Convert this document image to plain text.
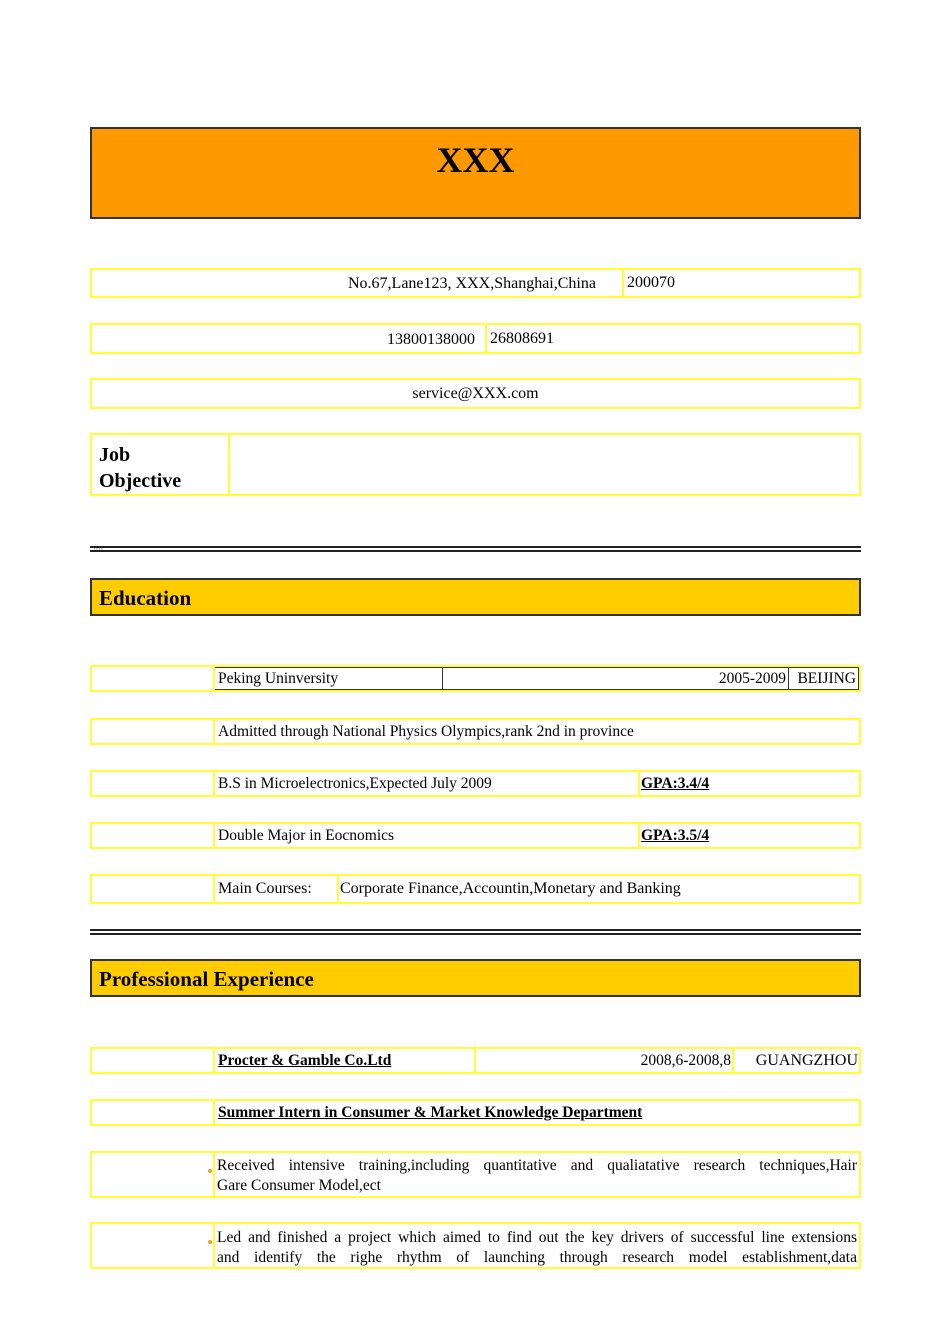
XXX
No.67,Lane123, XXX,Shanghai,China	200070
13800138000 26808691
service@XXX.com
Job
Objective
▪▪▪▪
Education
Peking Uninversity	2005-2009 BEIJING
Admitted through National Physics Olympics,rank 2nd in province
B.S in Microelectronics,Expected July 2009	GPA:3.4/4
Double Major in Eocnomics	GPA:3.5/4
Main Courses: Corporate Finance,Accountin,Monetary and Banking
Professional Experience
Procter & Gamble Co.Ltd	2008,6-2008,8 GUANGZHOU
Summer Intern in Consumer & Market Knowledge Department
Received intensive training,including quantitative and qualiatative research techniques,Hair
Gare Consumer Model,ect
Led and finished a project which aimed to find out the key drivers of successful line extensions
and identify the righe rhythm of launching through research model establishment,data
